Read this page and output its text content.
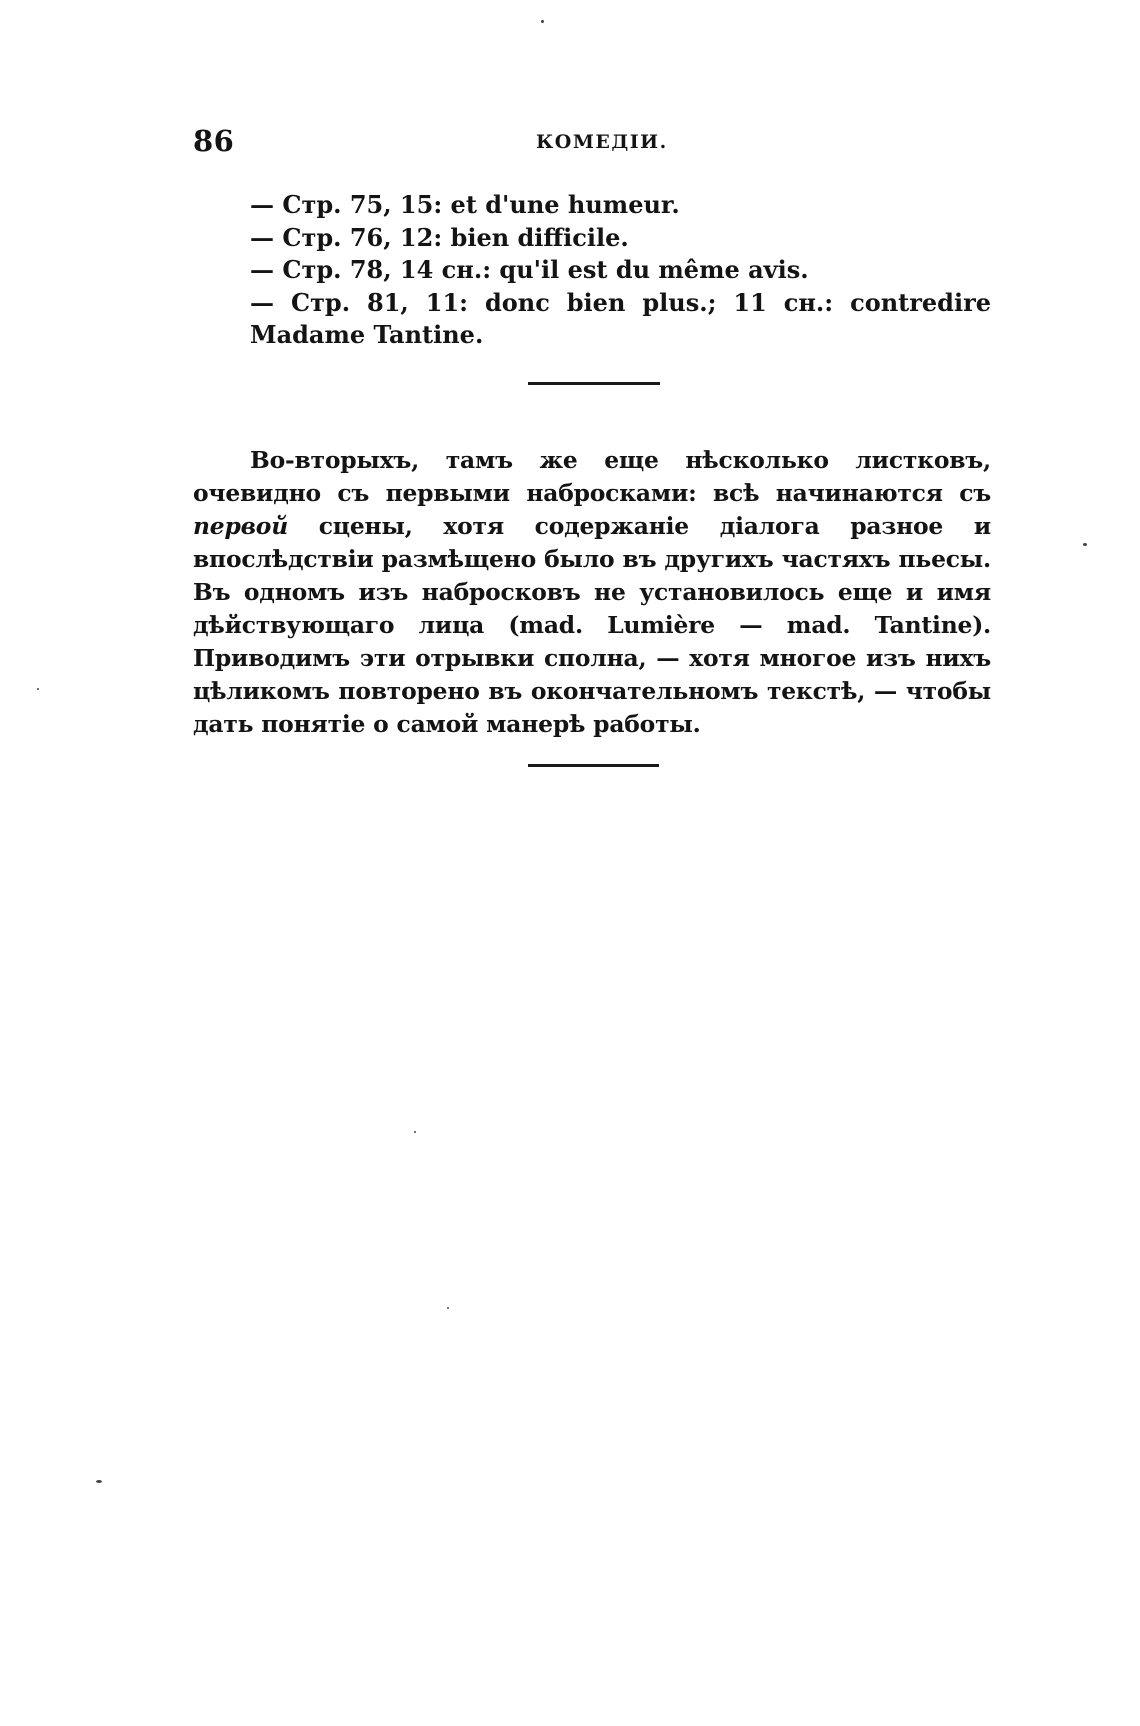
86	КОМЕДІИ.

— Стр. 75, 15: et d'une humeur.

— Стр. 76, 12: bien difficile.

— Стр. 78, 14 сн.: qu'il est du même avis.

— Стр. 81, 11: donc bien plus.; 11 сн.: contredire Madame Tantine.

Во-вторыхъ, тамъ же еще нѣсколько листковъ, очевидно съ первыми набросками: всѣ начинаются съ первой сцены, хотя содержаніе діалога разное и впослѣдствіи размѣщено было въ другихъ частяхъ пьесы. Въ одномъ изъ набросковъ не установилось еще и имя дѣйствующаго лица (mad. Lumière — mad. Tantine). Приводимъ эти отрывки сполна, — хотя многое изъ нихъ цѣликомъ повторено въ окончательномъ текстѣ, — чтобы дать понятіе о самой манерѣ работы.
